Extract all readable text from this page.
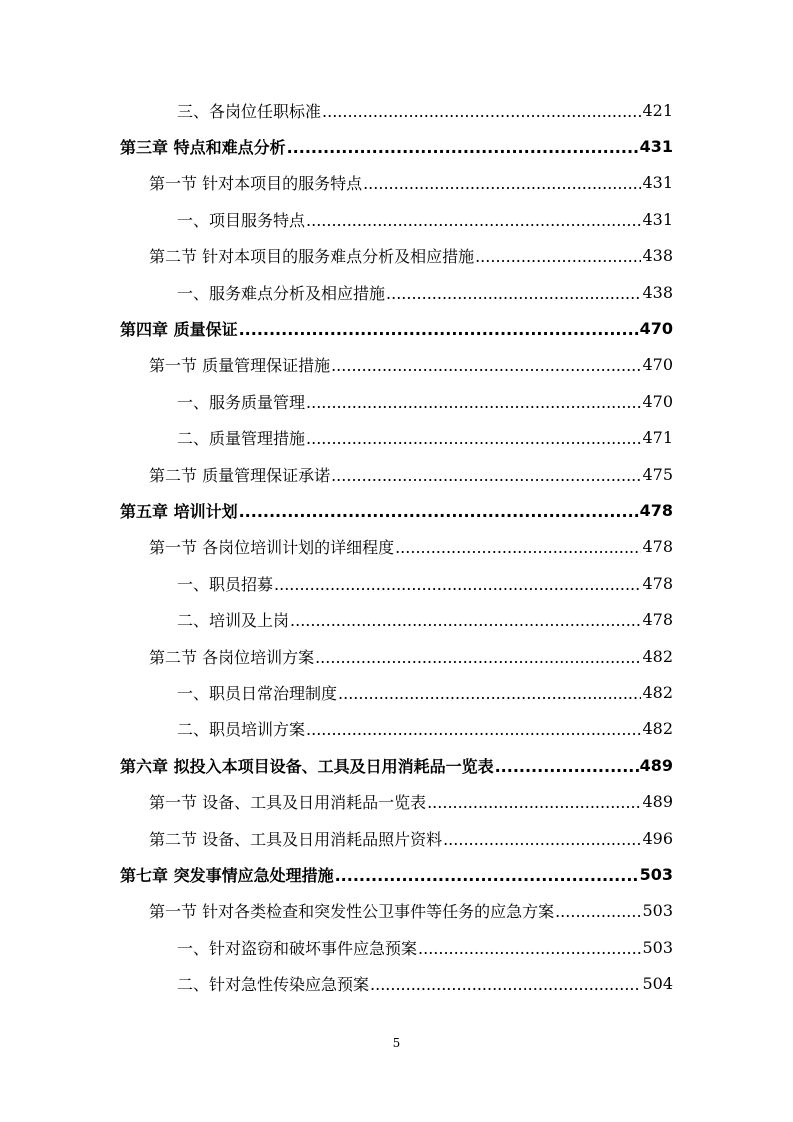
三、各岗位任职标准 .....	421
第三章 特点和难点分析 .....	431
第一节 针对本项目的服务特点 .....	431
一、项目服务特点 .....	431
第二节 针对本项目的服务难点分析及相应措施 .....	438
一、服务难点分析及相应措施 .....	438
第四章 质量保证 .....	470
第一节 质量管理保证措施 .....	470
一、服务质量管理 .....	470
二、质量管理措施 .....	471
第二节 质量管理保证承诺 .....	475
第五章 培训计划 .....	478
第一节 各岗位培训计划的详细程度 .....	478
一、职员招募 .....	478
二、培训及上岗 .....	478
第二节 各岗位培训方案 .....	482
一、职员日常治理制度 .....	482
二、职员培训方案 .....	482
第六章 拟投入本项目设备、工具及日用消耗品一览表 .....	489
第一节 设备、工具及日用消耗品一览表 .....	489
第二节 设备、工具及日用消耗品照片资料 .....	496
第七章 突发事情应急处理措施 .....	503
第一节 针对各类检查和突发性公卫事件等任务的应急方案 .....	503
一、针对盗窃和破坏事件应急预案 .....	503
二、针对急性传染应急预案 .....	504
5
